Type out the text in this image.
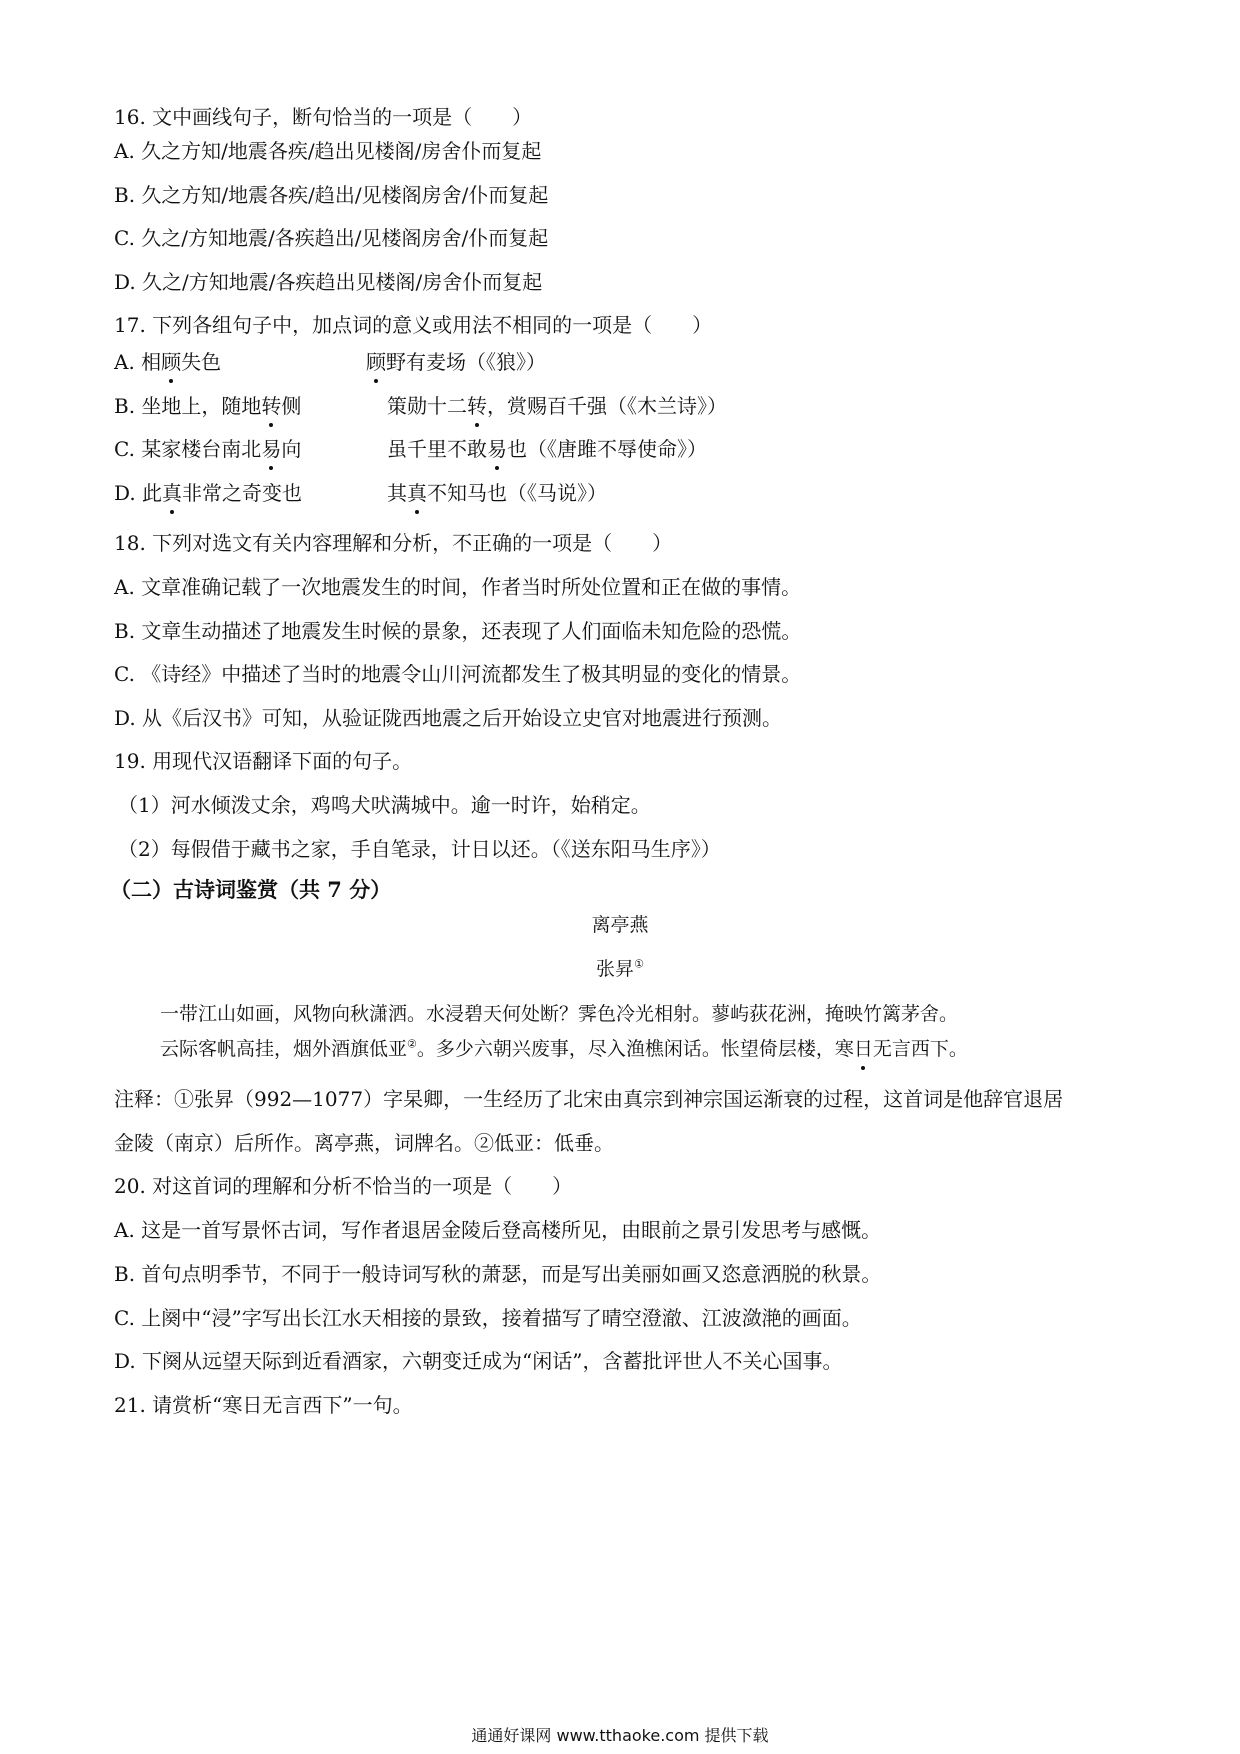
16. 文中画线句子，断句恰当的一项是（　　）
A. 久之方知/地震各疾/趋出见楼阁/房舍仆而复起
B. 久之方知/地震各疾/趋出/见楼阁房舍/仆而复起
C. 久之/方知地震/各疾趋出/见楼阁房舍/仆而复起
D. 久之/方知地震/各疾趋出见楼阁/房舍仆而复起
17. 下列各组句子中，加点词的意义或用法不相同的一项是（　　）
A. 相顾失色	顾野有麦场（《狼》）
B. 坐地上，随地转侧	策勋十二转，赏赐百千强（《木兰诗》）
C. 某家楼台南北易向	虽千里不敢易也（《唐雎不辱使命》）
D. 此真非常之奇变也	其真不知马也（《马说》）
18. 下列对选文有关内容理解和分析，不正确的一项是（　　）
A. 文章准确记载了一次地震发生的时间，作者当时所处位置和正在做的事情。
B. 文章生动描述了地震发生时候的景象，还表现了人们面临未知危险的恐慌。
C. 《诗经》中描述了当时的地震令山川河流都发生了极其明显的变化的情景。
D. 从《后汉书》可知，从验证陇西地震之后开始设立史官对地震进行预测。
19. 用现代汉语翻译下面的句子。
（1）河水倾泼丈余，鸡鸣犬吠满城中。逾一时许，始稍定。
（2）每假借于藏书之家，手自笔录，计日以还。（《送东阳马生序》）
（二）古诗词鉴赏（共 7 分）
离亭燕
张昇①
一带江山如画，风物向秋潇洒。水浸碧天何处断？霁色冷光相射。蓼屿荻花洲，掩映竹篱茅舍。
云际客帆高挂，烟外酒旗低亚②。多少六朝兴废事，尽入渔樵闲话。怅望倚层楼，寒日无言西下。
注释：①张昇（992—1077）字杲卿，一生经历了北宋由真宗到神宗国运渐衰的过程，这首词是他辞官退居
金陵（南京）后所作。离亭燕，词牌名。②低亚：低垂。
20. 对这首词的理解和分析不恰当的一项是（　　）
A. 这是一首写景怀古词，写作者退居金陵后登高楼所见，由眼前之景引发思考与感慨。
B. 首句点明季节，不同于一般诗词写秋的萧瑟，而是写出美丽如画又恣意洒脱的秋景。
C. 上阕中“浸”字写出长江水天相接的景致，接着描写了晴空澄澈、江波潋滟的画面。
D. 下阕从远望天际到近看酒家，六朝变迁成为“闲话”，含蓄批评世人不关心国事。
21. 请赏析“寒日无言西下”一句。
通通好课网 www.tthaoke.com 提供下载
